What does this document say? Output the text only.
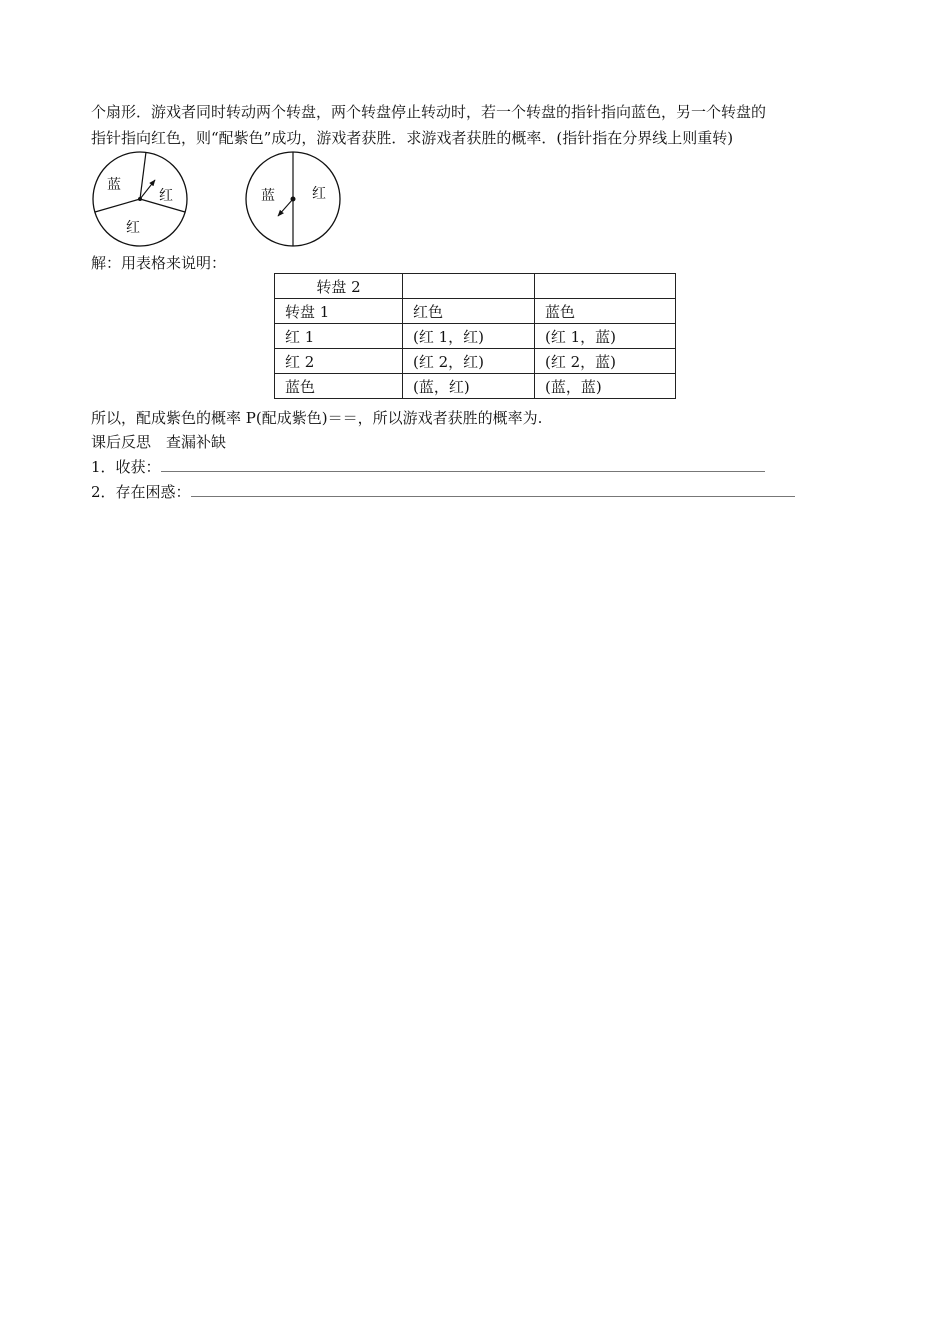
个扇形．游戏者同时转动两个转盘，两个转盘停止转动时，若一个转盘的指针指向蓝色，另一个转盘的
指针指向红色，则“配紫色”成功，游戏者获胜．求游戏者获胜的概率．(指针指在分界线上则重转)
蓝
红
红
蓝	红
解：用表格来说明：
转盘 2		
转盘 1	红色	蓝色
红 1	(红 1，红)	(红 1，蓝)
红 2	(红 2，红)	(红 2，蓝)
蓝色	(蓝，红)	(蓝，蓝)
所以，配成紫色的概率 P(配成紫色)＝＝，所以游戏者获胜的概率为.
课后反思　查漏补缺
1．收获：
2．存在困惑：
